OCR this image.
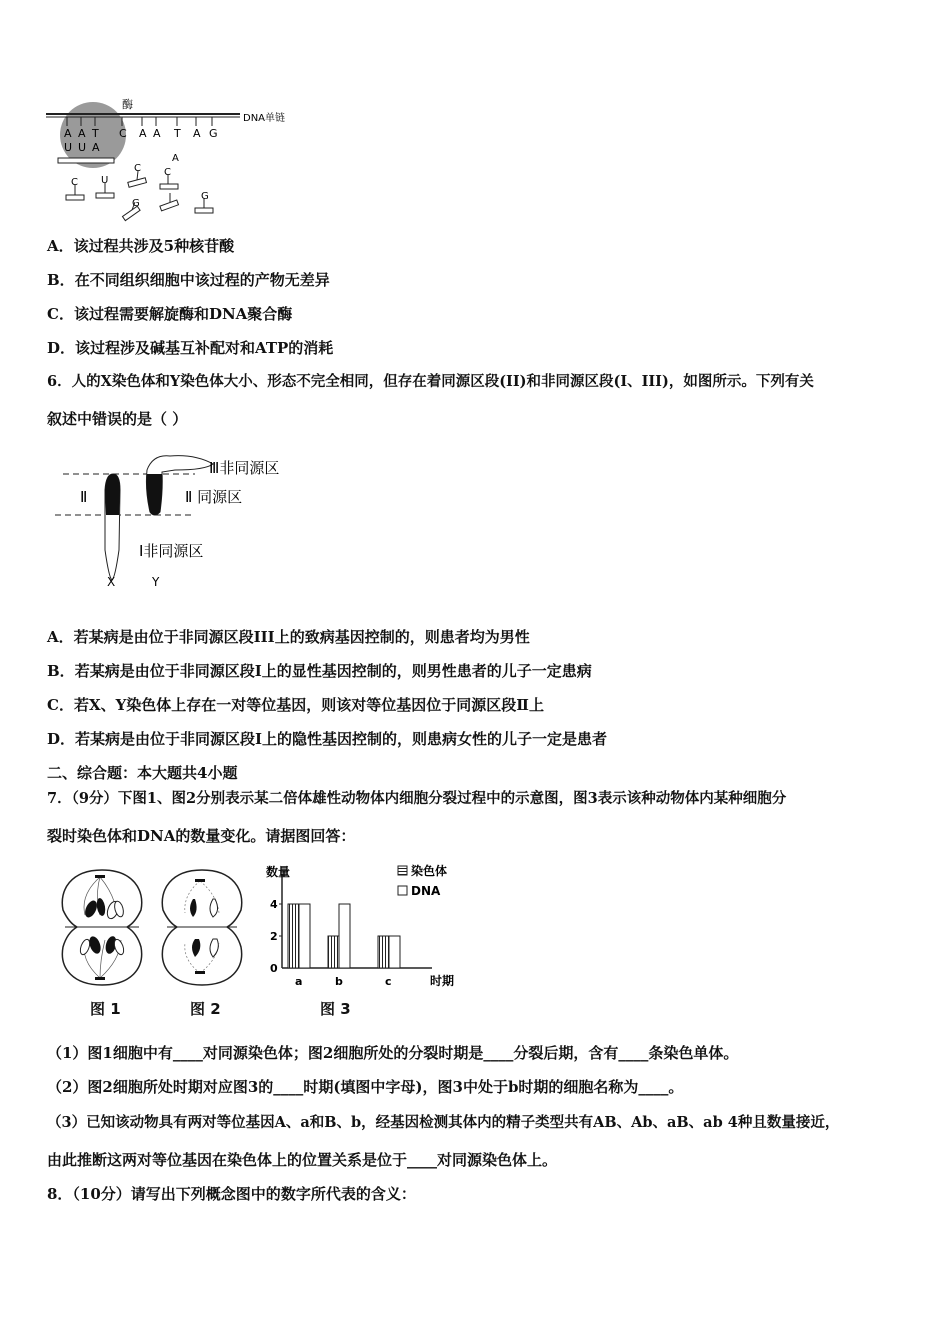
酶
DNA单链
A A T C A A T A G
U U A
C U
G
C
A
C
G
A．该过程共涉及5种核苷酸
B．在不同组织细胞中该过程的产物无差异
C．该过程需要解旋酶和DNA聚合酶
D．该过程涉及碱基互补配对和ATP的消耗
6．人的X染色体和Y染色体大小、形态不完全相同，但存在着同源区段(II)和非同源区段(I、III)，如图所示。下列有关
叙述中错误的是（ ）
Ⅲ非同源区
Ⅱ	Ⅱ 同源区
Ⅰ非同源区
X	Y
A．若某病是由位于非同源区段III上的致病基因控制的，则患者均为男性
B．若某病是由位于非同源区段Ⅰ上的显性基因控制的，则男性患者的儿子一定患病
C．若X、Y染色体上存在一对等位基因，则该对等位基因位于同源区段Ⅱ上
D．若某病是由位于非同源区段I上的隐性基因控制的，则患病女性的儿子一定是患者
二、综合题：本大题共4小题
7．（9分）下图1、图2分别表示某二倍体雄性动物体内细胞分裂过程中的示意图，图3表示该种动物体内某种细胞分
裂时染色体和DNA的数量变化。请据图回答：
数量
时期
0
2
4
a	b	c
染色体
DNA
图 1	图 2	图 3
（1）图1细胞中有____对同源染色体；图2细胞所处的分裂时期是____分裂后期，含有____条染色单体。
（2）图2细胞所处时期对应图3的____时期(填图中字母)，图3中处于b时期的细胞名称为____。
（3）已知该动物具有两对等位基因A、a和B、b，经基因检测其体内的精子类型共有AB、Ab、aB、ab 4种且数量接近，
由此推断这两对等位基因在染色体上的位置关系是位于____对同源染色体上。
8．（10分）请写出下列概念图中的数字所代表的含义：
